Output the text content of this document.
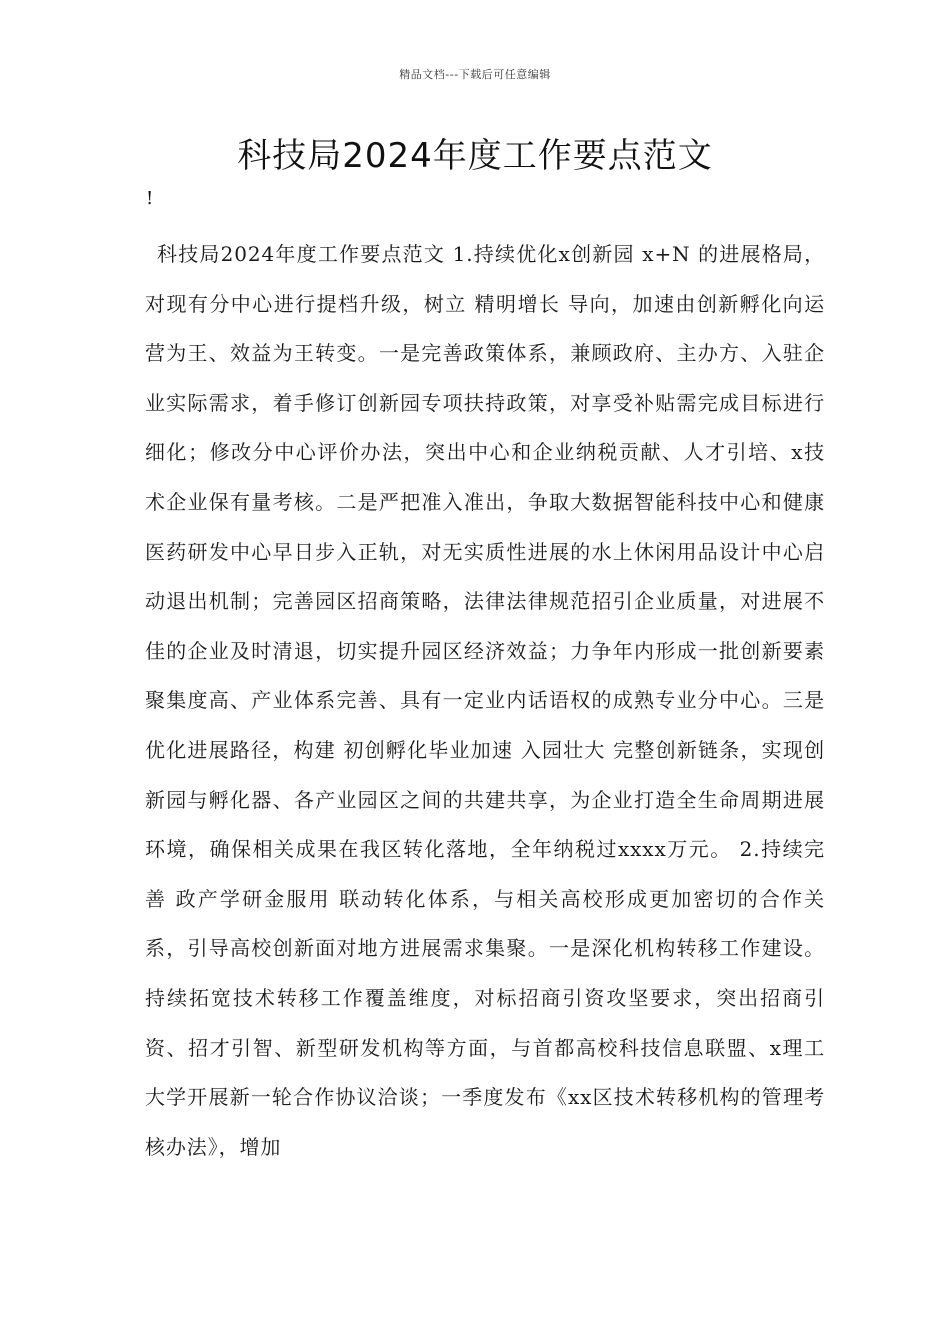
精品文档---下载后可任意编辑
科技局2024年度工作要点范文
!

科技局2024年度工作要点范文 1.持续优化x创新园 x+N 的进展格局，对现有分中心进行提档升级，树立 精明增长 导向，加速由创新孵化向运营为王、效益为王转变。一是完善政策体系，兼顾政府、主办方、入驻企业实际需求，着手修订创新园专项扶持政策，对享受补贴需完成目标进行细化；修改分中心评价办法，突出中心和企业纳税贡献、人才引培、x技术企业保有量考核。二是严把准入准出，争取大数据智能科技中心和健康医药研发中心早日步入正轨，对无实质性进展的水上休闲用品设计中心启动退出机制；完善园区招商策略，法律法律规范招引企业质量，对进展不佳的企业及时清退，切实提升园区经济效益；力争年内形成一批创新要素聚集度高、产业体系完善、具有一定业内话语权的成熟专业分中心。三是优化进展路径，构建 初创孵化毕业加速 入园壮大 完整创新链条，实现创新园与孵化器、各产业园区之间的共建共享，为企业打造全生命周期进展环境，确保相关成果在我区转化落地，全年纳税过xxxx万元。 2.持续完善 政产学研金服用 联动转化体系，与相关高校形成更加密切的合作关系，引导高校创新面对地方进展需求集聚。一是深化机构转移工作建设。持续拓宽技术转移工作覆盖维度，对标招商引资攻坚要求，突出招商引资、招才引智、新型研发机构等方面，与首都高校科技信息联盟、x理工大学开展新一轮合作协议洽谈；一季度发布《xx区技术转移机构的管理考核办法》，增加
